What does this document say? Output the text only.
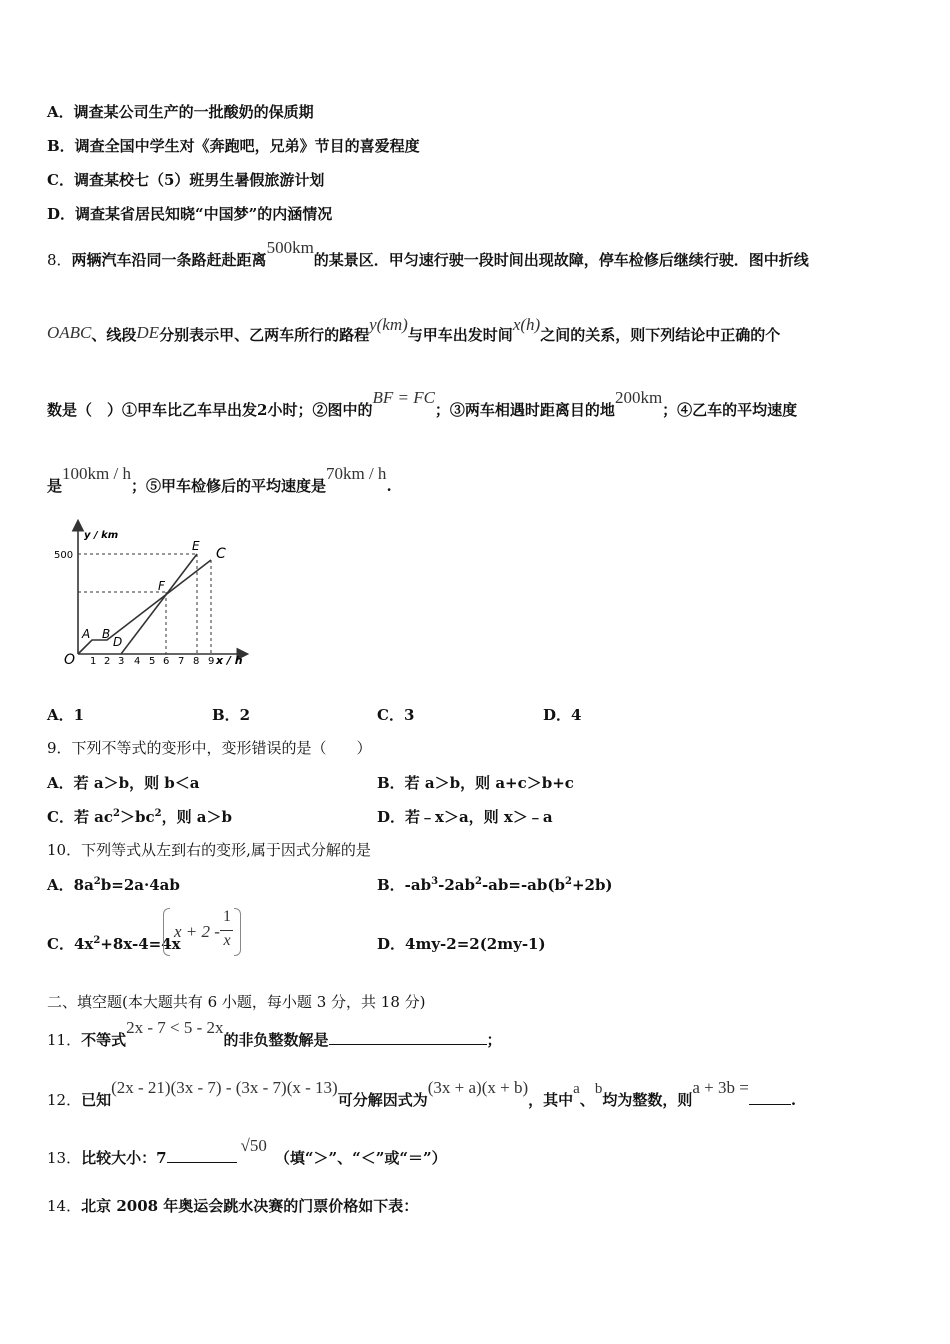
A．调查某公司生产的一批酸奶的保质期
B．调查全国中学生对《奔跑吧，兄弟》节目的喜爱程度
C．调查某校七（5）班男生暑假旅游计划
D．调查某省居民知晓“中国梦”的内涵情况
8．两辆汽车沿同一条路赶赴距离500km的某景区．甲匀速行驶一段时间出现故障，停车检修后继续行驶．图中折线
OABC、线段DE分别表示甲、乙两车所行的路程y(km)与甲车出发时间x(h)之间的关系，则下列结论中正确的个
数是（　）①甲车比乙车早出发2小时；②图中的BF = FC；③两车相遇时距离目的地200km；④乙车的平均速度
是100km / h；⑤甲车检修后的平均速度是70km / h.
y / km
x / h
500
O 1 2 3 4 5 6 7 8 9
A B
D
F
E C
A．1	B．2	C．3	D．4
9．下列不等式的变形中，变形错误的是（　　）
A．若 a＞b，则 b＜a	B．若 a＞b，则 a+c＞b+c
C．若 $ac^2>bc^2$，则 a＞b	D．若﹣x＞a，则 x＞﹣a
10．下列等式从左到右的变形,属于因式分解的是
A．$8a^2b=2a\cdot 4ab$	B．$-ab^3-2ab^2-ab=-ab(b^2+2b)$
C．$4x^2+8x-4=4x$
x + 2 -
1
x	D．4my-2=2(2my-1)
二、填空题(本大题共有 6 小题，每小题 3 分，共 18 分)
11．不等式2x - 7 < 5 - 2x的非负整数解是	；
12．已知(2x - 21)(3x - 7) - (3x - 7)(x - 13)可分解因式为(3x + a)(x + b)，其中a、b均为整数，则a + 3b =.
13．比较大小：7√50（填“＞”、“＜”或“＝”）
14．北京 2008 年奥运会跳水决赛的门票价格如下表：
